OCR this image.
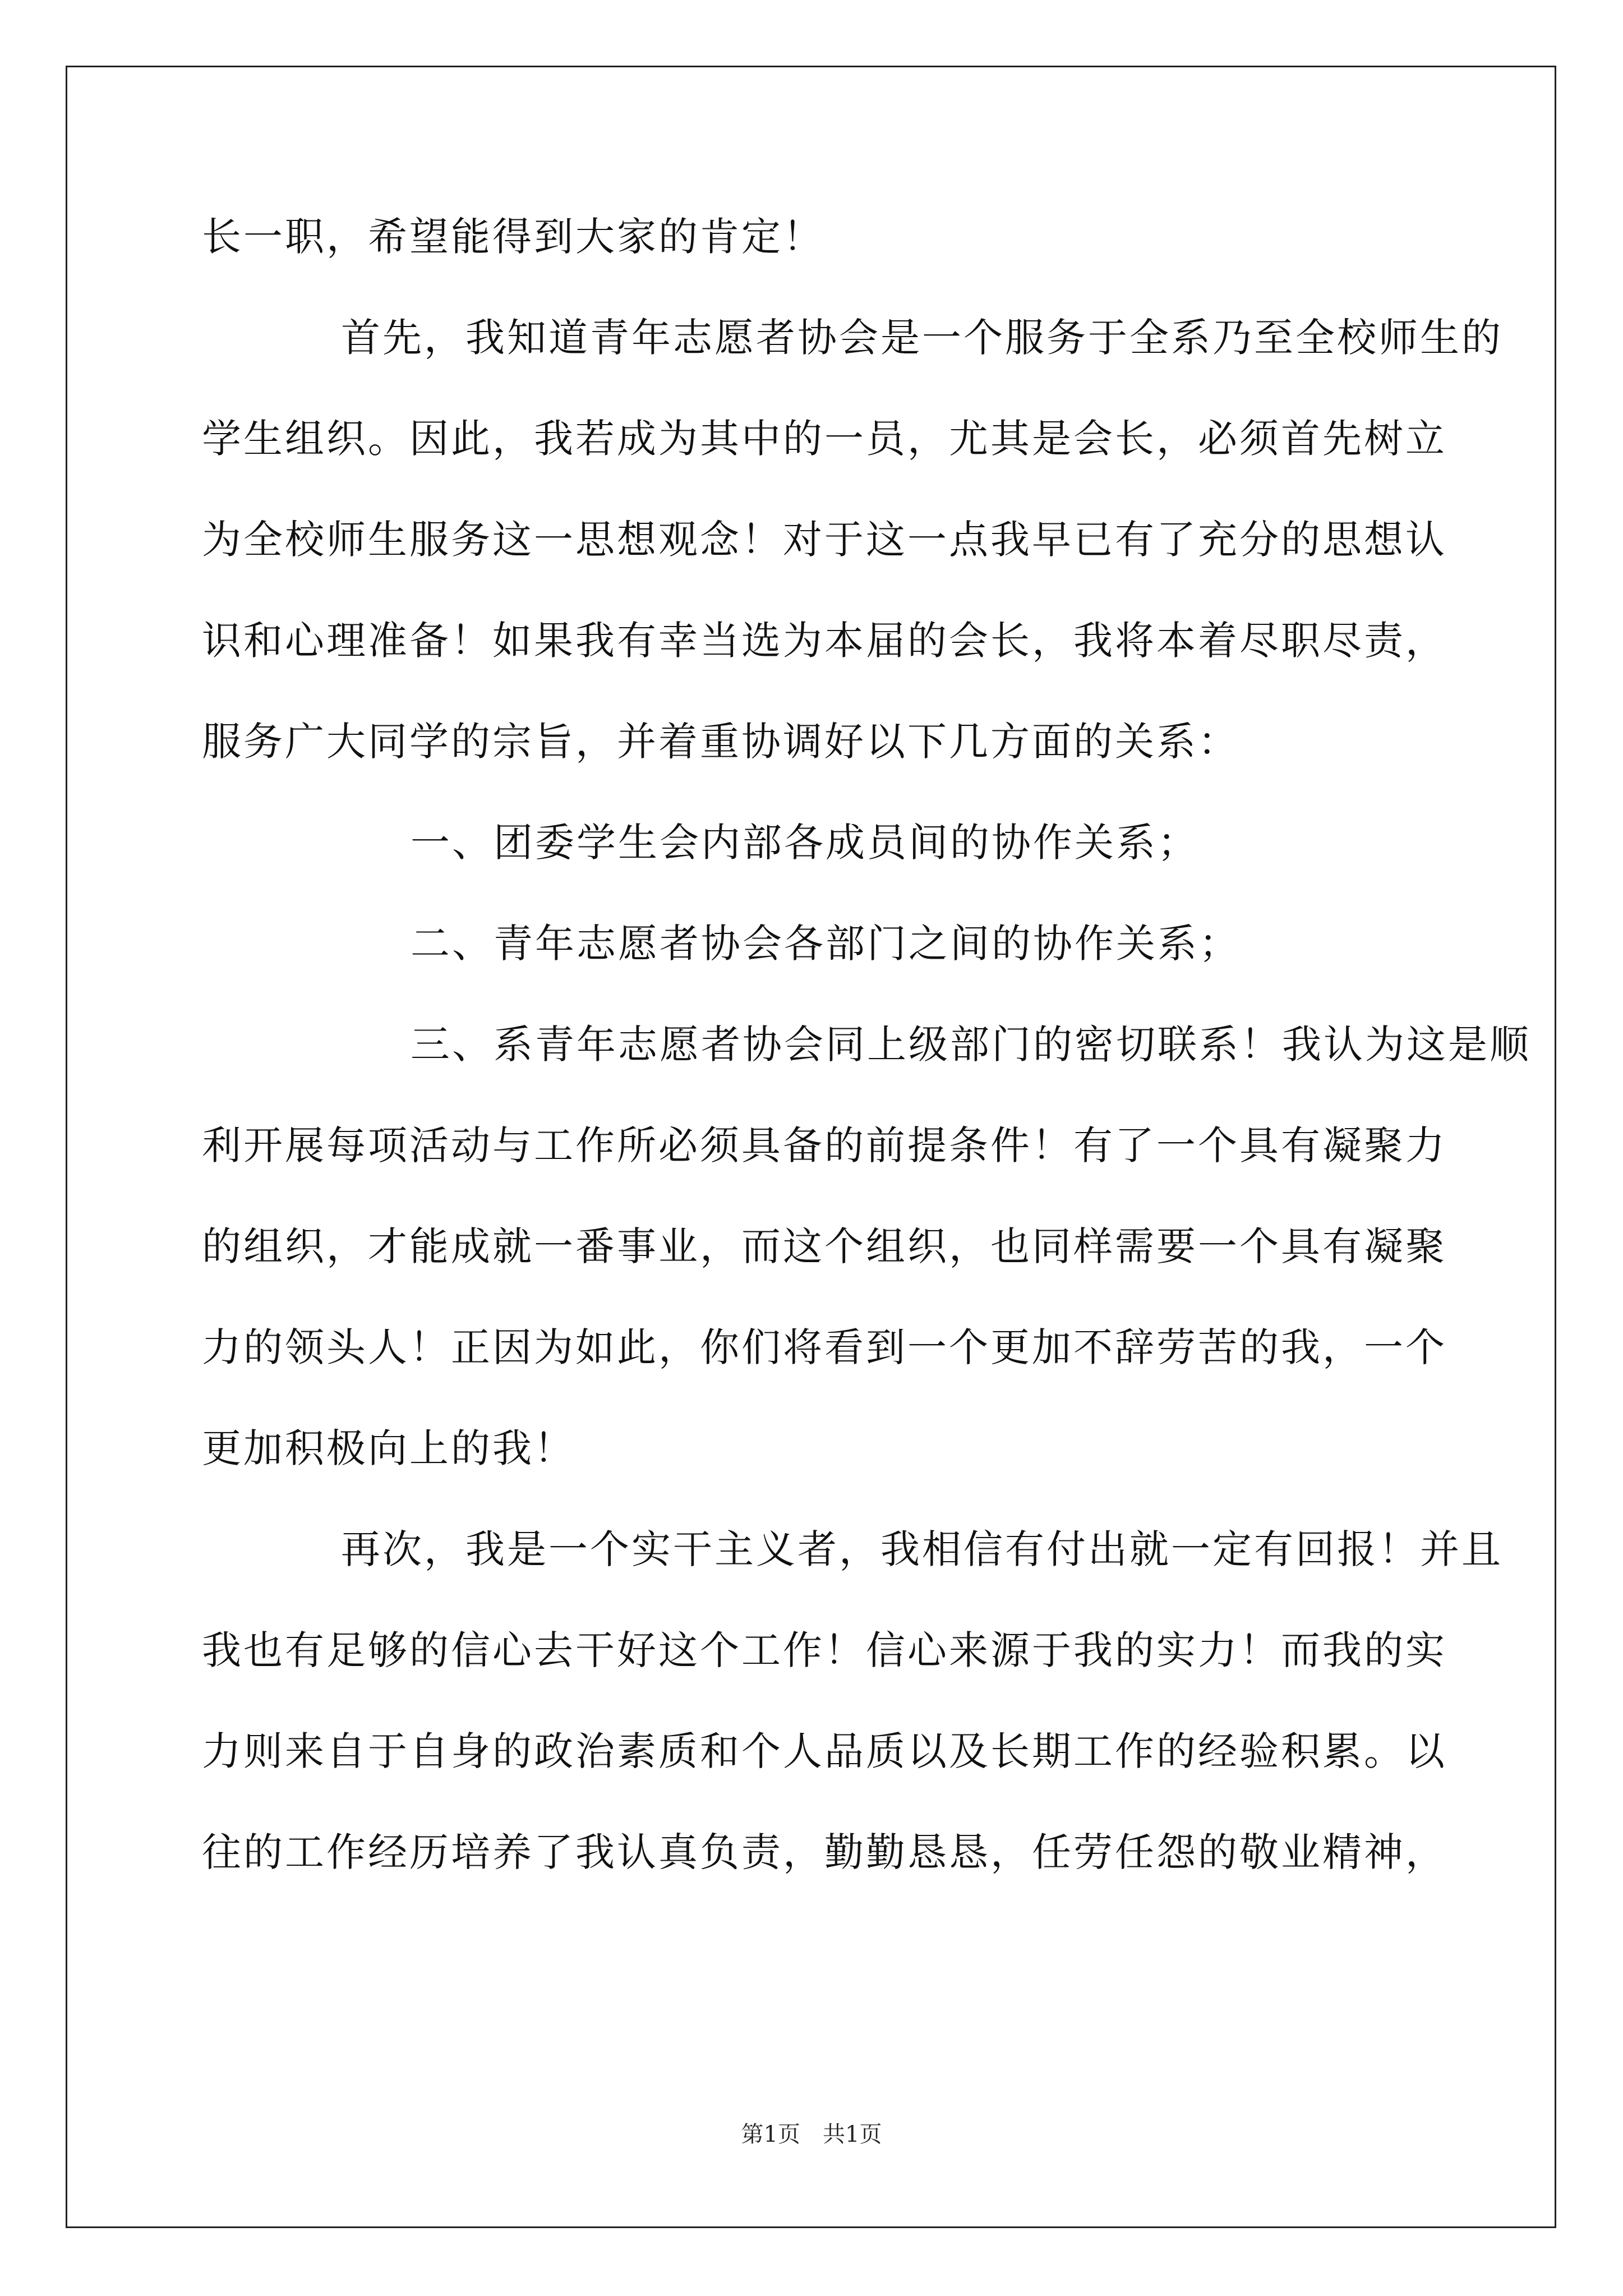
长一职，希望能得到大家的肯定！
首先，我知道青年志愿者协会是一个服务于全系乃至全校师生的
学生组织。因此，我若成为其中的一员，尤其是会长，必须首先树立
为全校师生服务这一思想观念！对于这一点我早已有了充分的思想认
识和心理准备！如果我有幸当选为本届的会长，我将本着尽职尽责，
服务广大同学的宗旨，并着重协调好以下几方面的关系：
一、团委学生会内部各成员间的协作关系；
二、青年志愿者协会各部门之间的协作关系；
三、系青年志愿者协会同上级部门的密切联系！我认为这是顺
利开展每项活动与工作所必须具备的前提条件！有了一个具有凝聚力
的组织，才能成就一番事业，而这个组织，也同样需要一个具有凝聚
力的领头人！正因为如此，你们将看到一个更加不辞劳苦的我，一个
更加积极向上的我！
再次，我是一个实干主义者，我相信有付出就一定有回报！并且
我也有足够的信心去干好这个工作！信心来源于我的实力！而我的实
力则来自于自身的政治素质和个人品质以及长期工作的经验积累。以
往的工作经历培养了我认真负责，勤勤恳恳，任劳任怨的敬业精神，
第1页　共1页
